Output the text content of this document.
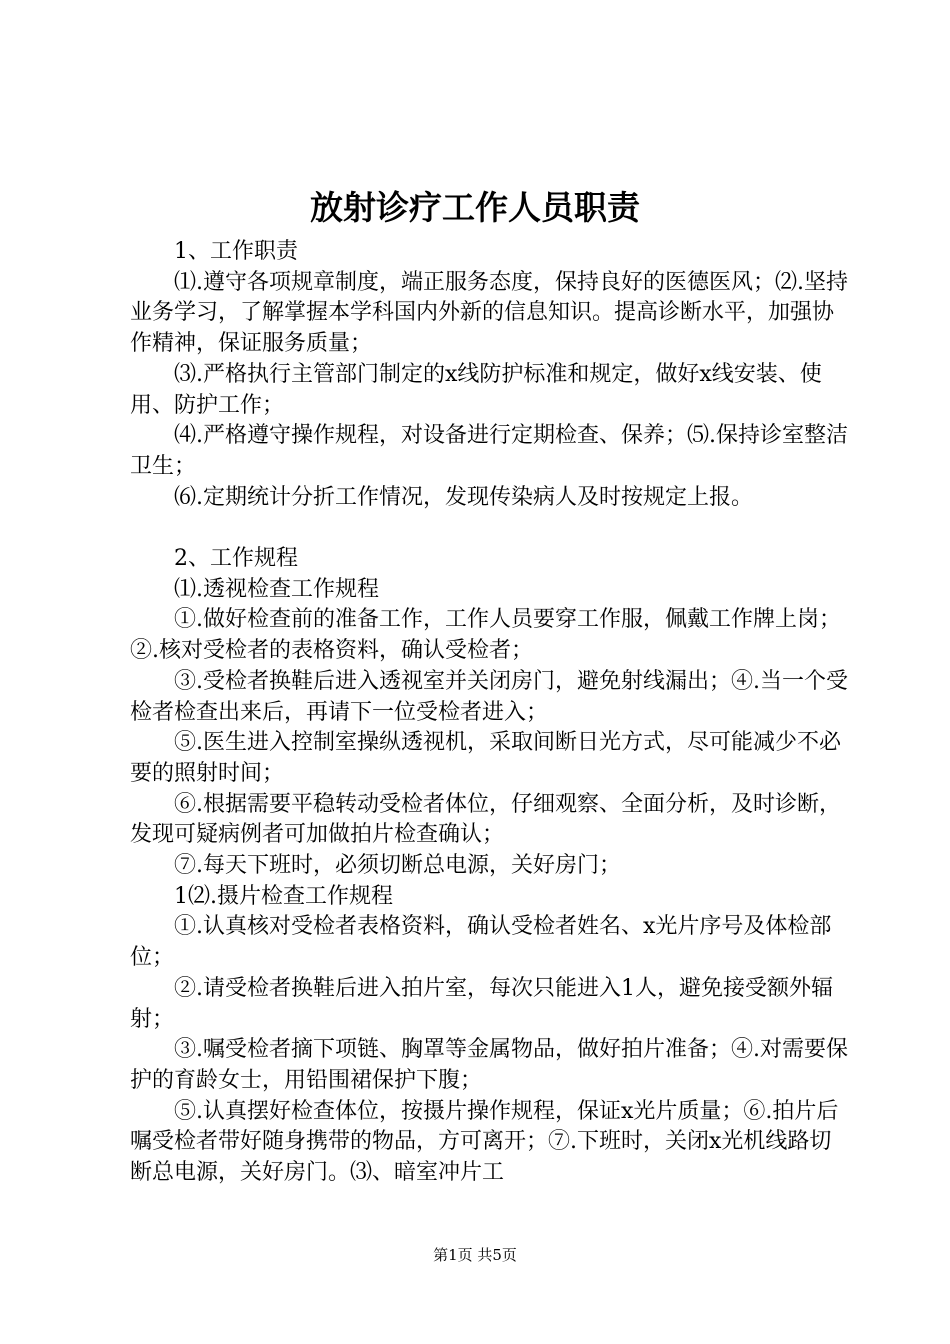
放射诊疗工作人员职责

1、工作职责

⑴.遵守各项规章制度，端正服务态度，保持良好的医德医风；⑵.坚持业务学习，了解掌握本学科国内外新的信息知识。提高诊断水平，加强协作精神，保证服务质量；

⑶.严格执行主管部门制定的x线防护标准和规定，做好x线安装、使用、防护工作；

⑷.严格遵守操作规程，对设备进行定期检查、保养；⑸.保持诊室整洁卫生；

⑹.定期统计分折工作情况，发现传染病人及时按规定上报。

2、工作规程

⑴.透视检查工作规程

①.做好检查前的准备工作，工作人员要穿工作服，佩戴工作牌上岗；②.核对受检者的表格资料，确认受检者；

③.受检者换鞋后进入透视室并关闭房门，避免射线漏出；④.当一个受检者检查出来后，再请下一位受检者进入；

⑤.医生进入控制室操纵透视机，采取间断日光方式，尽可能减少不必要的照射时间；

⑥.根据需要平稳转动受检者体位，仔细观察、全面分析，及时诊断，发现可疑病例者可加做拍片检查确认；

⑦.每天下班时，必须切断总电源，关好房门；

1⑵.摄片检查工作规程

①.认真核对受检者表格资料，确认受检者姓名、x光片序号及体检部位；

②.请受检者换鞋后进入拍片室，每次只能进入1人，避免接受额外辐射；

③.嘱受检者摘下项链、胸罩等金属物品，做好拍片准备；④.对需要保护的育龄女士，用铅围裙保护下腹；

⑤.认真摆好检查体位，按摄片操作规程，保证x光片质量；⑥.拍片后嘱受检者带好随身携带的物品，方可离开；⑦.下班时，关闭x光机线路切断总电源，关好房门。⑶、暗室冲片工

第1页 共5页
